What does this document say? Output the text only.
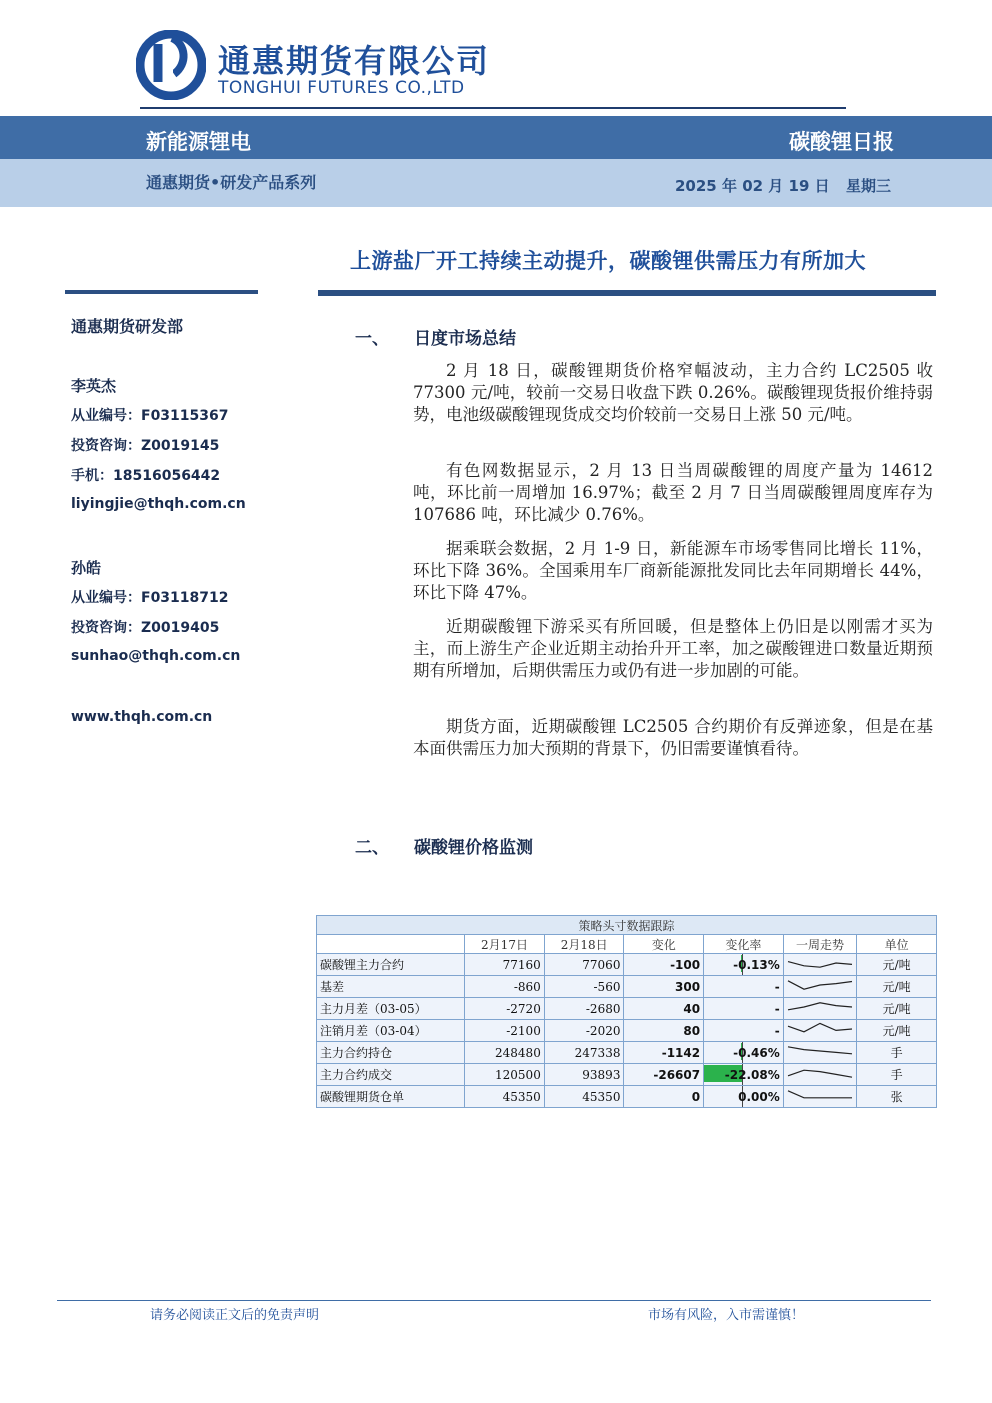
通惠期货有限公司
TONGHUI FUTURES CO.,LTD
新能源锂电	碳酸锂日报
通惠期货•研发产品系列	2025 年 02 月 19 日 星期三
上游盐厂开工持续主动提升，碳酸锂供需压力有所加大
通惠期货研发部
李英杰
从业编号：F03115367
投资咨询：Z0019145
手机：18516056442
liyingjie@thqh.com.cn
孙皓
从业编号：F03118712
投资咨询：Z0019405
sunhao@thqh.com.cn
www.thqh.com.cn
一、 日度市场总结
2 月 18 日，碳酸锂期货价格窄幅波动，主力合约 LC2505 收 77300 元/吨，较前一交易日收盘下跌 0.26%。碳酸锂现货报价维持弱势，电池级碳酸锂现货成交均价较前一交易日上涨 50 元/吨。
有色网数据显示，2 月 13 日当周碳酸锂的周度产量为 14612 吨，环比前一周增加 16.97%；截至 2 月 7 日当周碳酸锂周度库存为 107686 吨，环比减少 0.76%。
据乘联会数据，2 月 1-9 日，新能源车市场零售同比增长 11%，环比下降 36%。全国乘用车厂商新能源批发同比去年同期增长 44%，环比下降 47%。
近期碳酸锂下游采买有所回暖，但是整体上仍旧是以刚需才买为主，而上游生产企业近期主动抬升开工率，加之碳酸锂进口数量近期预期有所增加，后期供需压力或仍有进一步加剧的可能。
期货方面，近期碳酸锂 LC2505 合约期价有反弹迹象，但是在基本面供需压力加大预期的背景下，仍旧需要谨慎看待。
二、 碳酸锂价格监测
策略头寸数据跟踪						
	2月17日	2月18日	变化	变化率	一周走势	单位
碳酸锂主力合约	77160	77060	-100	-0.13%		元/吨
基差	-860	-560	300	-		元/吨
主力月差（03-05）	-2720	-2680	40	-		元/吨
注销月差（03-04）	-2100	-2020	80	-		元/吨
主力合约持仓	248480	247338	-1142	-0.46%		手
主力合约成交	120500	93893	-26607	-22.08%		手
碳酸锂期货仓单	45350	45350	0	0.00%		张
请务必阅读正文后的免责声明	市场有风险，入市需谨慎！
